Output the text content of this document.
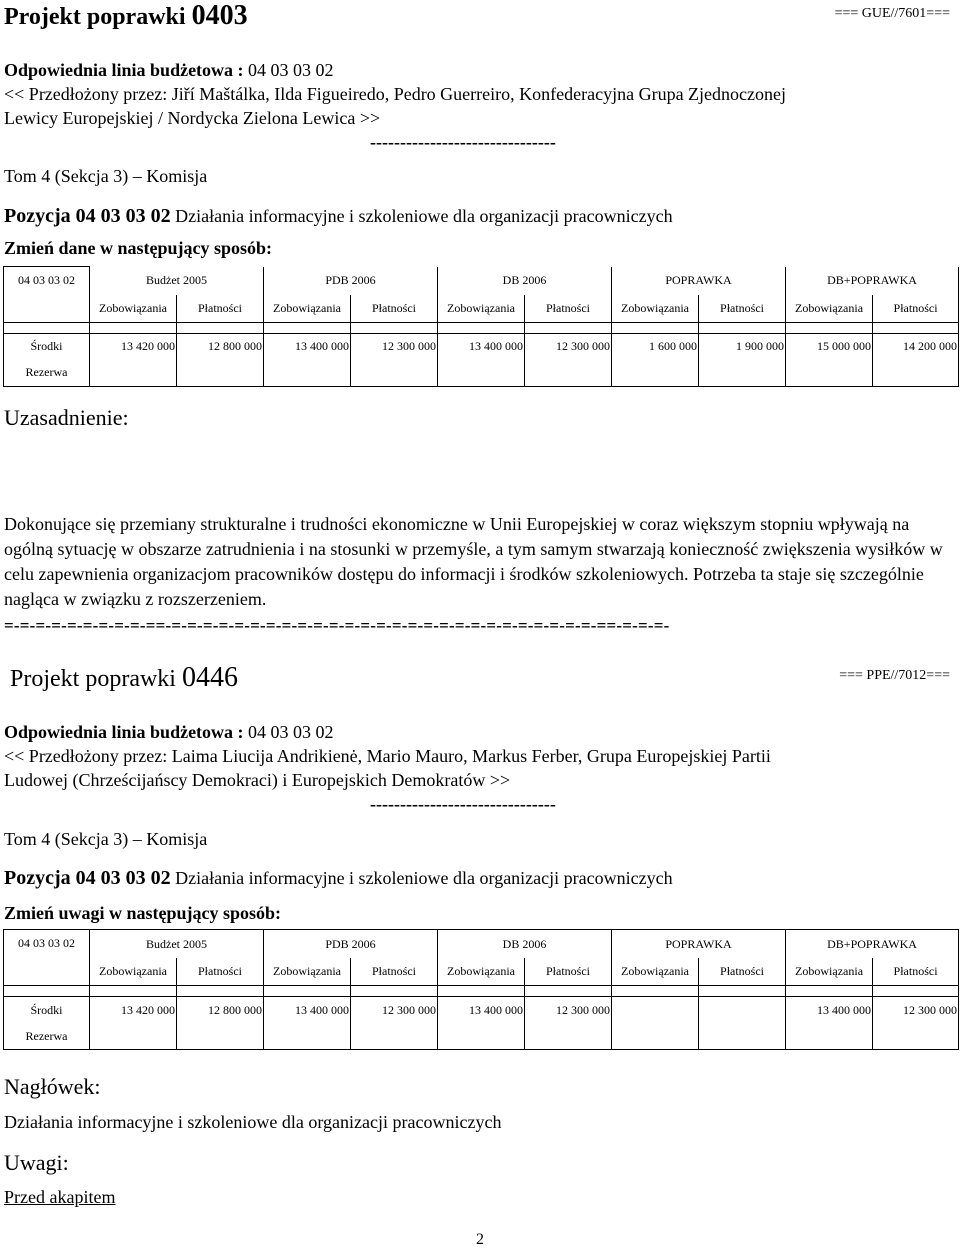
Projekt poprawki 0403	=== GUE//7601===
Odpowiednia linia budżetowa : 04 03 03 02
<< Przedłożony przez: Jiří Maštálka, Ilda Figueiredo, Pedro Guerreiro, Konfederacyjna Grupa Zjednoczonej
Lewicy Europejskiej / Nordycka Zielona Lewica >>
-------------------------------
Tom 4 (Sekcja 3) – Komisja
Pozycja 04 03 03 02 Działania informacyjne i szkoleniowe dla organizacji pracowniczych
Zmień dane w następujący sposób:
04 03 03 02	Budżet 2005		PDB 2006		DB 2006		POPRAWKA		DB+POPRAWKA	
	Zobowiązania	Płatności	Zobowiązania	Płatności	Zobowiązania	Płatności	Zobowiązania	Płatności	Zobowiązania	Płatności

Środki	13 420 000	12 800 000	13 400 000	12 300 000	13 400 000	12 300 000	1 600 000	1 900 000	15 000 000	14 200 000
Rezerwa										
Uzasadnienie:
Dokonujące się przemiany strukturalne i trudności ekonomiczne w Unii Europejskiej w coraz większym stopniu wpływają na ogólną sytuację w obszarze zatrudnienia i na stosunki w przemyśle, a tym samym stwarzają konieczność zwiększenia wysiłków w celu zapewnienia organizacjom pracowników dostępu do informacji i środków szkoleniowych. Potrzeba ta staje się szczególnie nagląca w związku z rozszerzeniem.
=-=-=-=-=-=-=-=-=-==-=-=-=-=-=-=-=-=-=-=-=-=-=-=-=-=-=-=-=-=-=-=-=-=-=-=-=-==-=-=-=-
Projekt poprawki 0446	=== PPE//7012===
Odpowiednia linia budżetowa : 04 03 03 02
<< Przedłożony przez: Laima Liucija Andrikienė, Mario Mauro, Markus Ferber, Grupa Europejskiej Partii
Ludowej (Chrześcijańscy Demokraci) i Europejskich Demokratów >>
-------------------------------
Tom 4 (Sekcja 3) – Komisja
Pozycja 04 03 03 02 Działania informacyjne i szkoleniowe dla organizacji pracowniczych
Zmień uwagi w następujący sposób:
04 03 03 02	Budżet 2005		PDB 2006		DB 2006		POPRAWKA		DB+POPRAWKA	
	Zobowiązania	Płatności	Zobowiązania	Płatności	Zobowiązania	Płatności	Zobowiązania	Płatności	Zobowiązania	Płatności

Środki	13 420 000	12 800 000	13 400 000	12 300 000	13 400 000	12 300 000			13 400 000	12 300 000
Rezerwa										
Nagłówek:
Działania informacyjne i szkoleniowe dla organizacji pracowniczych
Uwagi:
Przed akapitem
2
